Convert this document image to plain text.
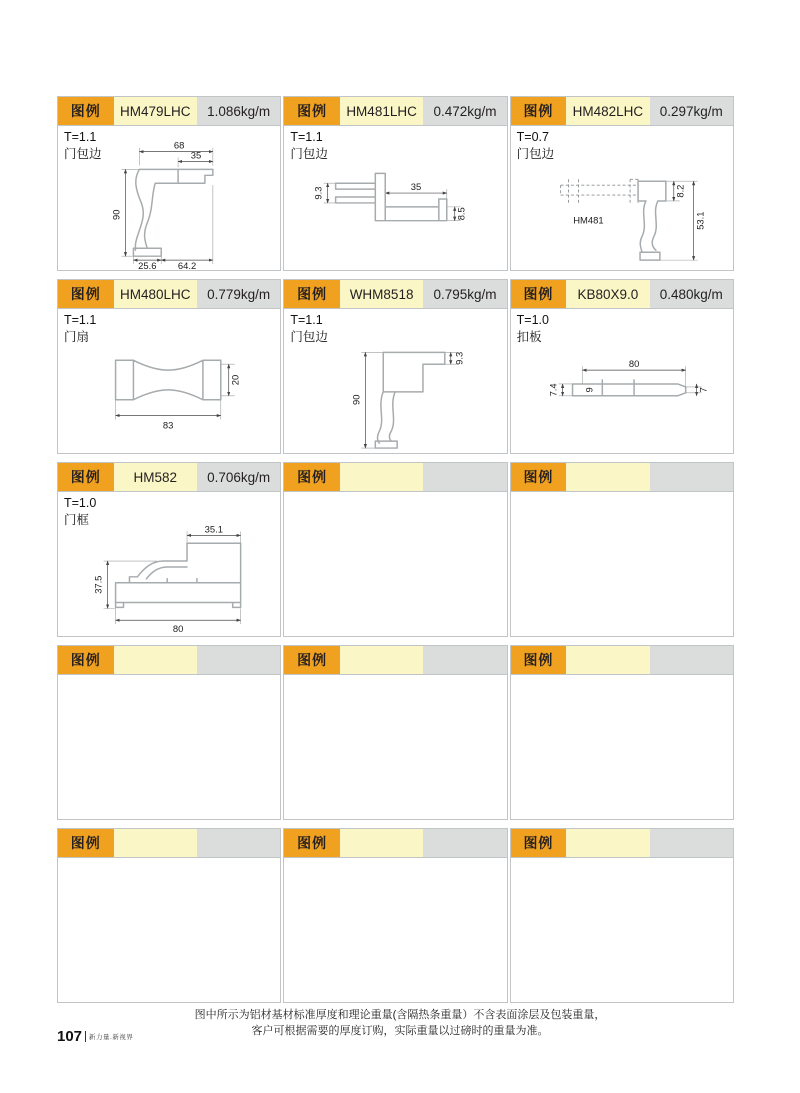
图例	HM479LHC	1.086kg/m
T=1.1
门包边
68
35
90
25.6 64.2
图例	HM481LHC	0.472kg/m
T=1.1
门包边
9.3	35
8.5
图例	HM482LHC	0.297kg/m
T=0.7
门包边
8.2
53.1
HM481
图例	HM480LHC	0.779kg/m
T=1.1
门扇
20
83
图例	WHM8518	0.795kg/m
T=1.1
门包边
9.3
90
图例	KB80X9.0	0.480kg/m
T=1.0
扣板
80
7.4	9	7
图例	HM582	0.706kg/m
T=1.0
门框
35.1
37.5
80
图例	图例
图例	图例	图例
图例	图例	图例
图中所示为铝材基材标准厚度和理论重量(含隔热条重量）不含表面涂层及包装重量，
客户可根据需要的厚度订购，实际重量以过磅时的重量为准。
107 新力量.新视界
